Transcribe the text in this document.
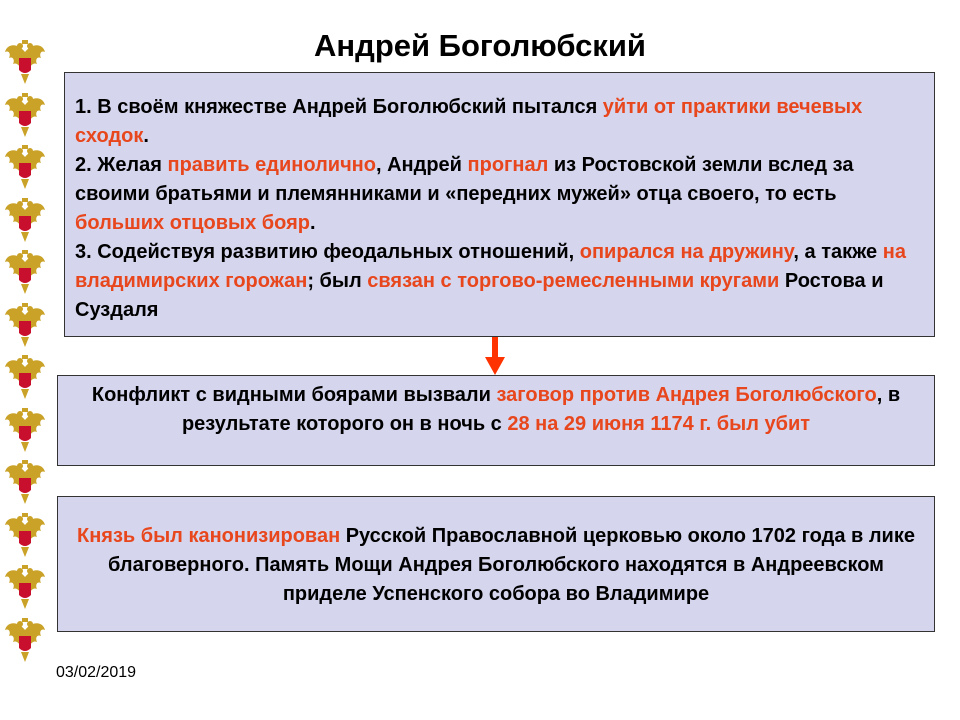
Андрей Боголюбский

1. В своём княжестве Андрей Боголюбский пытался уйти от практики вечевых сходок.

2. Желая править единолично, Андрей прогнал из Ростовской земли вслед за своими братьями и племянниками и «передних мужей» отца своего, то есть больших отцовых бояр.

3. Содействуя развитию феодальных отношений, опирался на дружину, а также на владимирских горожан; был связан с торгово-ремесленными кругами Ростова и Суздаля

Конфликт с видными боярами вызвали заговор против Андрея Боголюбского, в результате которого он в ночь с 28 на 29 июня 1174 г. был убит
Князь был канонизирован Русской Православной церковью около 1702 года в лике благоверного. Память Мощи Андрея Боголюбского находятся в Андреевском приделе Успенского собора во Владимире
03/02/2019
